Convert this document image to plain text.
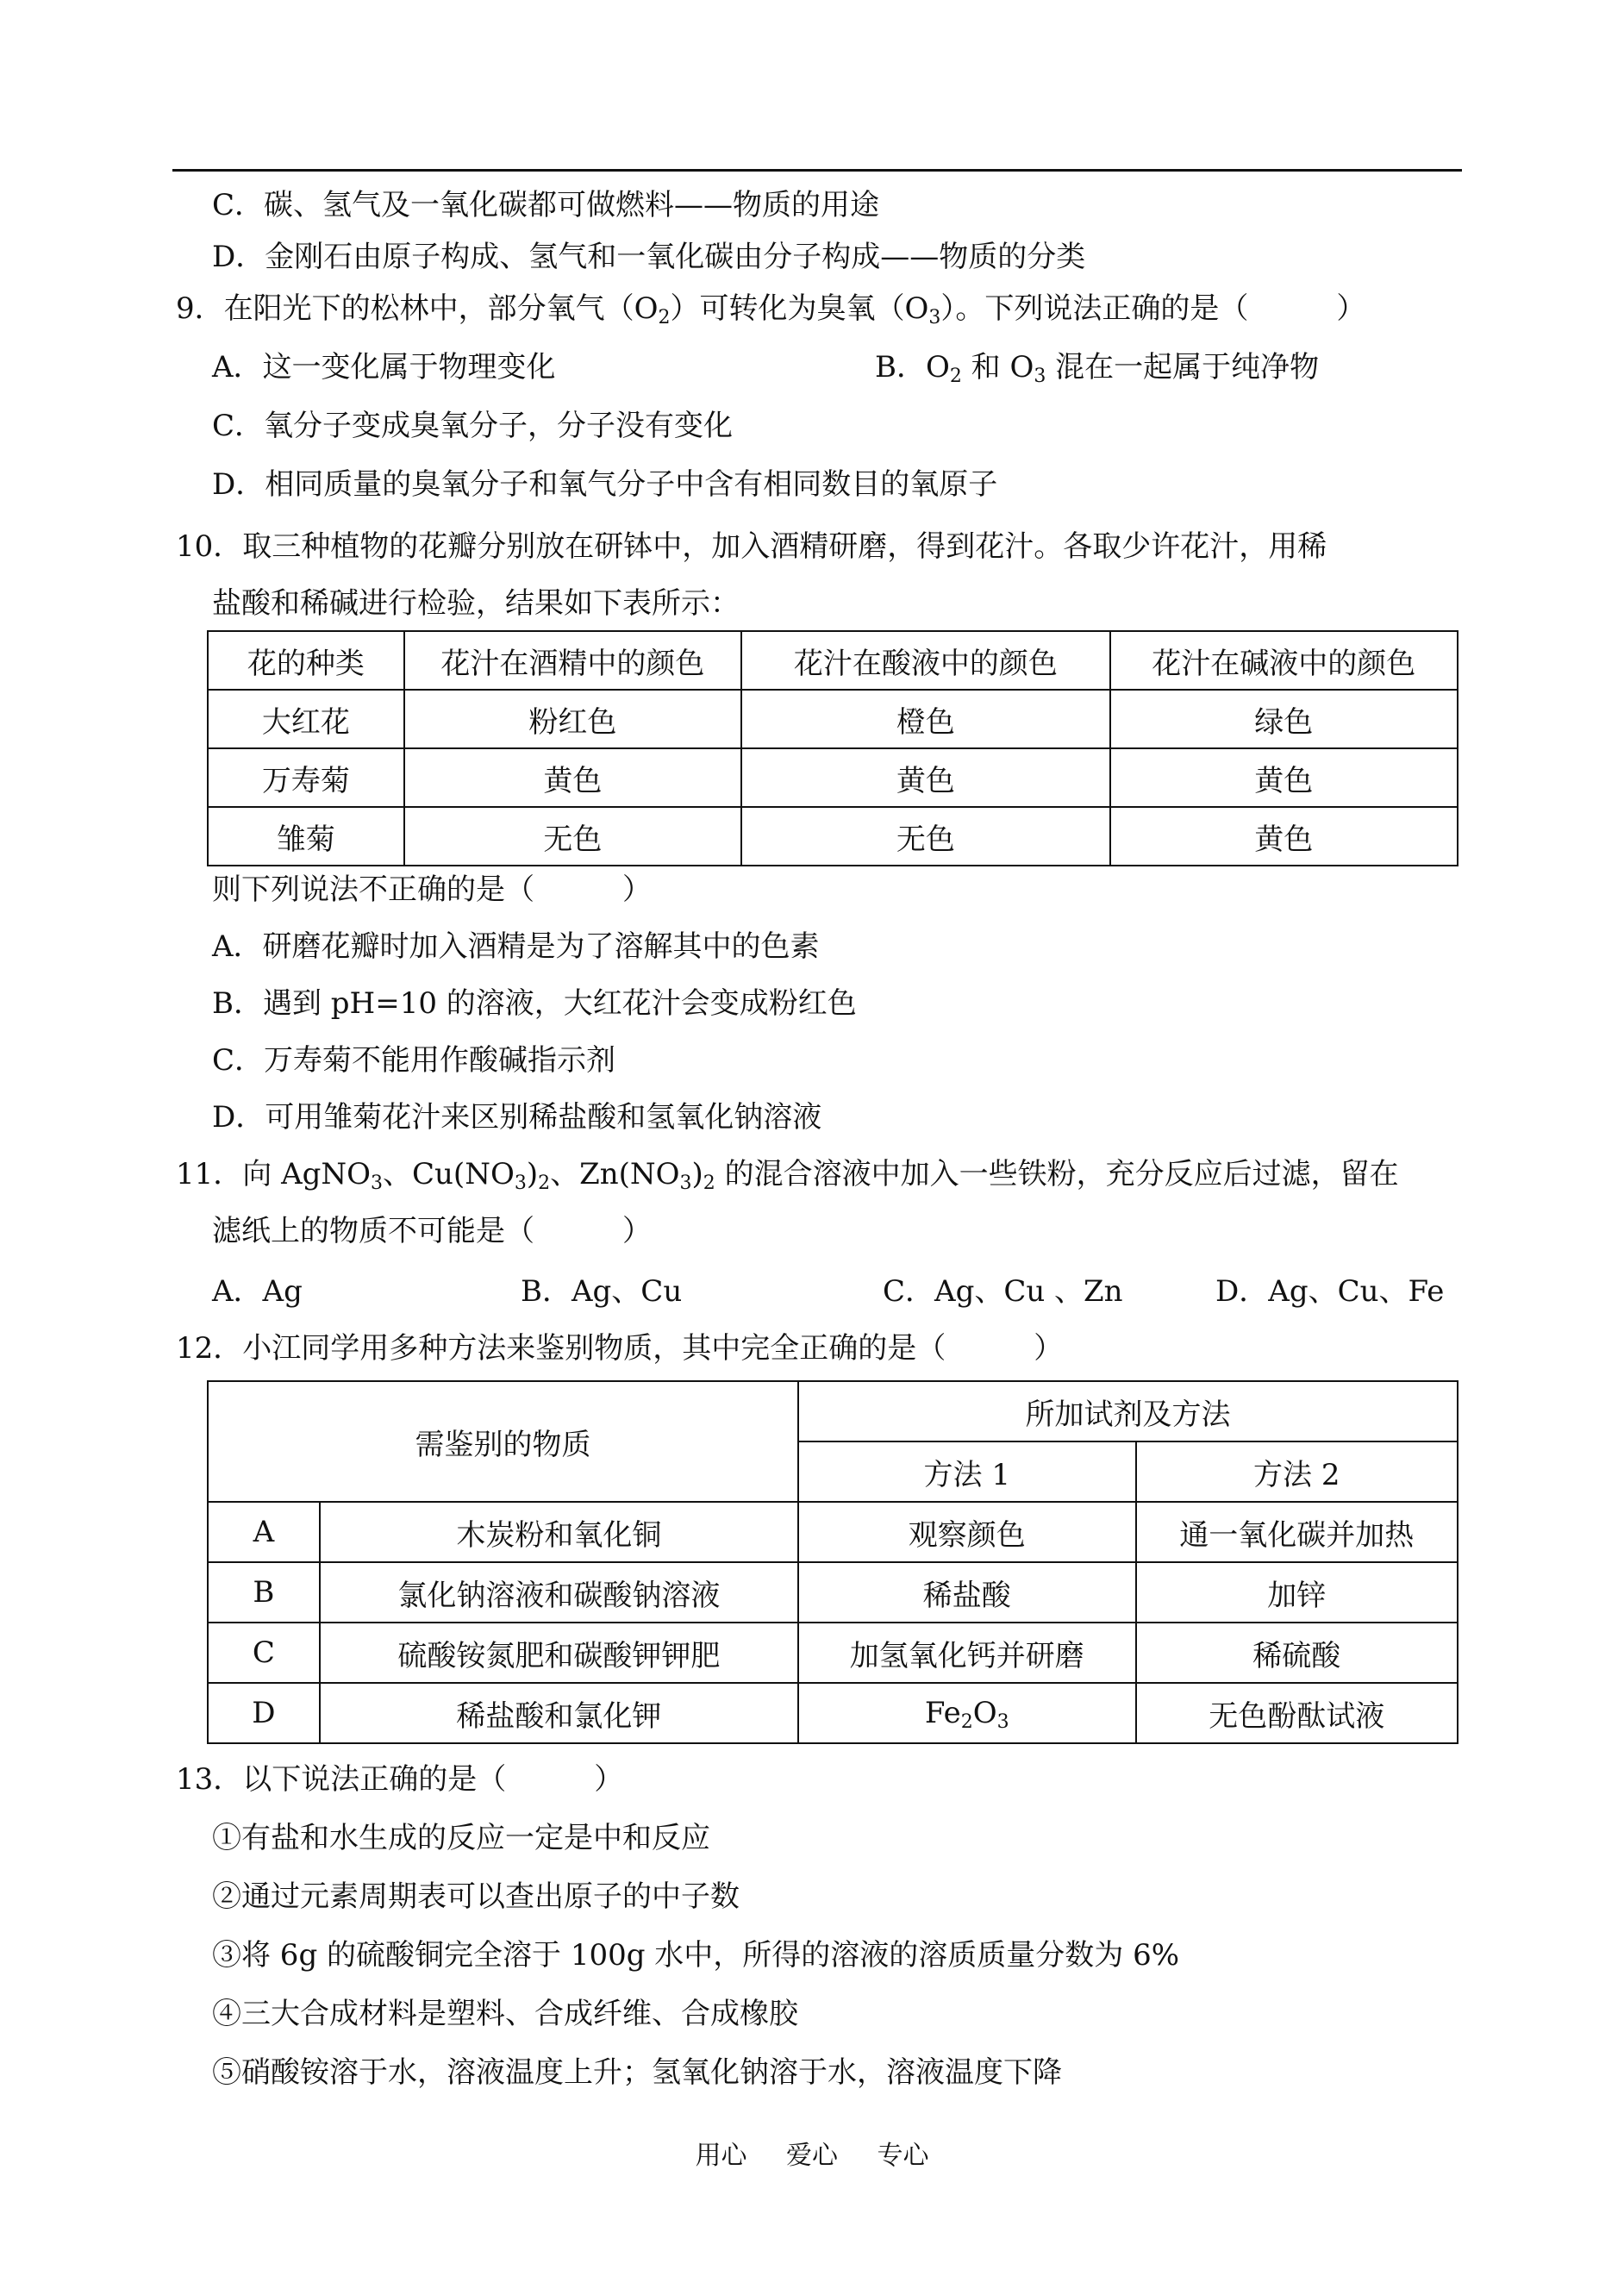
C．碳、氢气及一氧化碳都可做燃料——物质的用途
D．金刚石由原子构成、氢气和一氧化碳由分子构成——物质的分类
9．在阳光下的松林中，部分氧气$(O_2)$可转化为臭氧$(O_3)$。下列说法正确的是（　　　）
A．这一变化属于物理变化	B．$O_2$ 和 $O_3$ 混在一起属于纯净物
C．氧分子变成臭氧分子，分子没有变化
D．相同质量的臭氧分子和氧气分子中含有相同数目的氧原子
10．取三种植物的花瓣分别放在研钵中，加入酒精研磨，得到花汁。各取少许花汁，用稀
盐酸和稀碱进行检验，结果如下表所示：
花的种类	花汁在酒精中的颜色	花汁在酸液中的颜色	花汁在碱液中的颜色
大红花	粉红色	橙色	绿色
万寿菊	黄色	黄色	黄色
雏菊	无色	无色	黄色
则下列说法不正确的是（　　　）
A．研磨花瓣时加入酒精是为了溶解其中的色素
B．遇到 pH=10 的溶液，大红花汁会变成粉红色
C．万寿菊不能用作酸碱指示剂
D．可用雏菊花汁来区别稀盐酸和氢氧化钠溶液
11．向 AgNO$_3$、$Cu(NO_3)_2$、$Zn(NO_3)_2$ 的混合溶液中加入一些铁粉，充分反应后过滤，留在
滤纸上的物质不可能是（　　　）
A．Ag	B．Ag、Cu	C．Ag、Cu 、Zn	D．Ag、Cu、Fe
12．小江同学用多种方法来鉴别物质，其中完全正确的是（　　　）
需鉴别的物质		所加试剂及方法	
		方法 1	方法 2
A	木炭粉和氧化铜	观察颜色	通一氧化碳并加热
B	氯化钠溶液和碳酸钠溶液	稀盐酸	加锌
C	硫酸铵氮肥和碳酸钾钾肥	加氢氧化钙并研磨	稀硫酸
D	稀盐酸和氯化钾	$Fe_2O_3$	无色酚酞试液
13．以下说法正确的是（　　　）
①有盐和水生成的反应一定是中和反应
②通过元素周期表可以查出原子的中子数
③将 6g 的硫酸铜完全溶于 100g 水中，所得的溶液的溶质质量分数为 6%
④三大合成材料是塑料、合成纤维、合成橡胶
⑤硝酸铵溶于水，溶液温度上升；氢氧化钠溶于水，溶液温度下降
用心 爱心 专心
